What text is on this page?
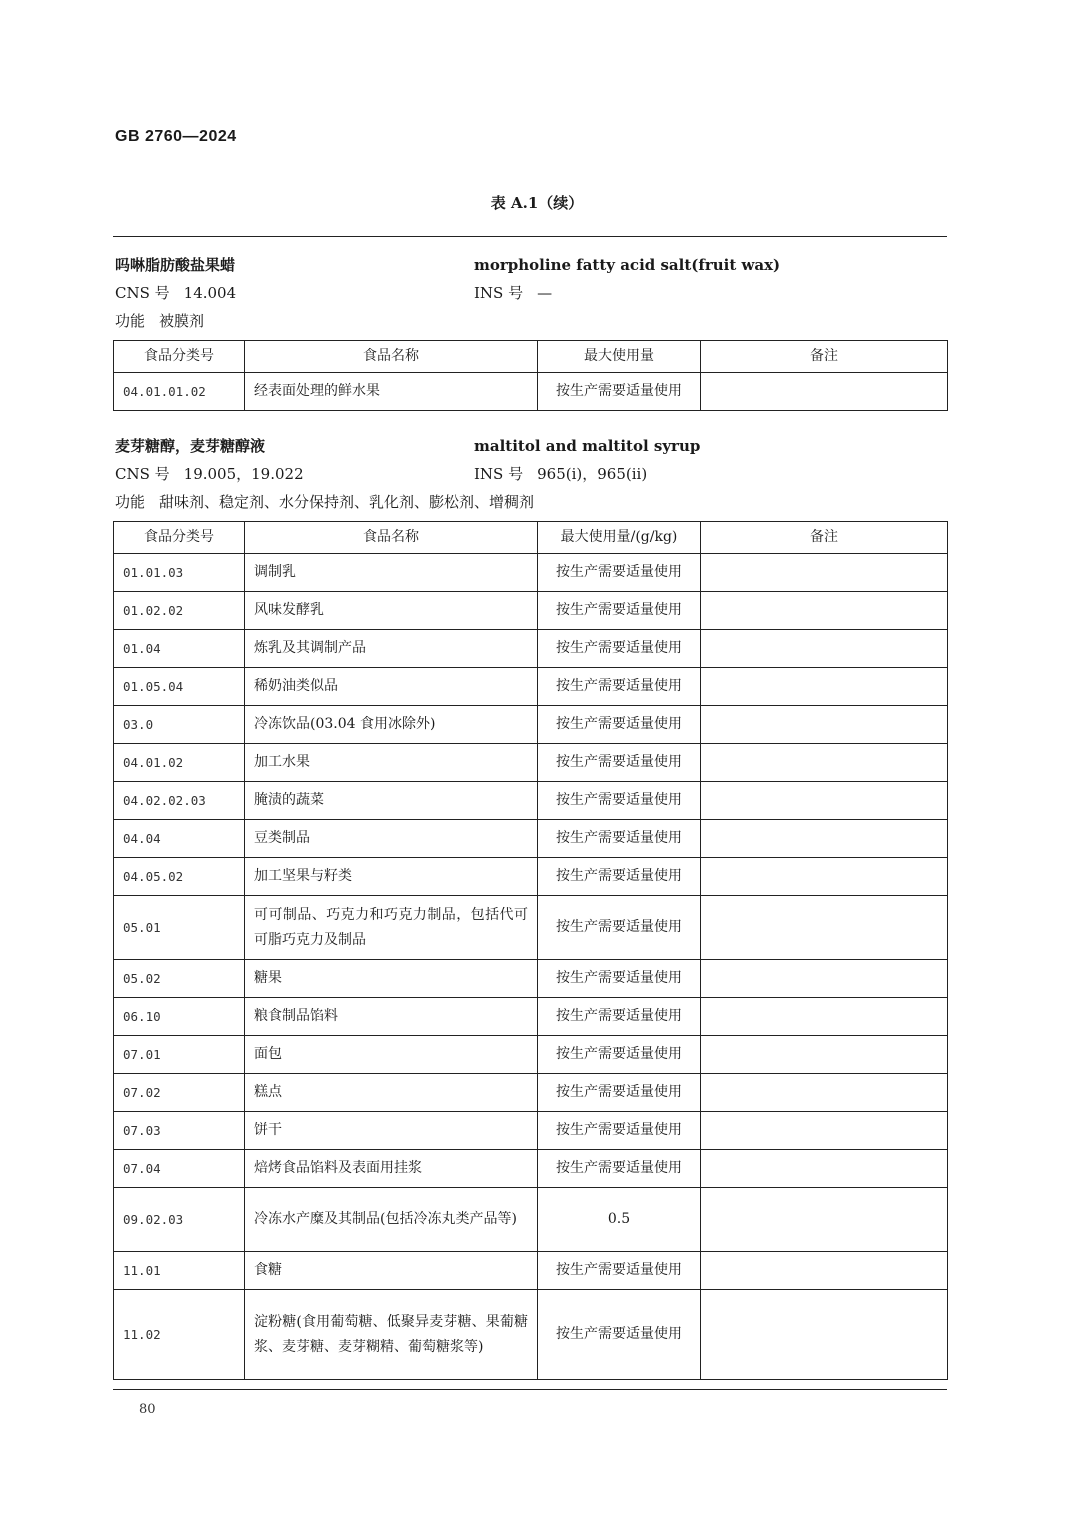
GB 2760—2024
表 A.1（续）
吗啉脂肪酸盐果蜡	morpholine fatty acid salt(fruit wax)
CNS 号 14.004	INS 号 —
功能 被膜剂
食品分类号	食品名称	最大使用量	备注
04.01.01.02	经表面处理的鲜水果	按生产需要适量使用	
麦芽糖醇，麦芽糖醇液	maltitol and maltitol syrup
CNS 号 19.005，19.022	INS 号 965(i)，965(ii)
功能 甜味剂、稳定剂、水分保持剂、乳化剂、膨松剂、增稠剂
食品分类号	食品名称	最大使用量/(g/kg)	备注
01.01.03	调制乳	按生产需要适量使用	
01.02.02	风味发酵乳	按生产需要适量使用	
01.04	炼乳及其调制产品	按生产需要适量使用	
01.05.04	稀奶油类似品	按生产需要适量使用	
03.0	冷冻饮品(03.04 食用冰除外)	按生产需要适量使用	
04.01.02	加工水果	按生产需要适量使用	
04.02.02.03	腌渍的蔬菜	按生产需要适量使用	
04.04	豆类制品	按生产需要适量使用	
04.05.02	加工坚果与籽类	按生产需要适量使用	
05.01	可可制品、巧克力和巧克力制品，包括代可可脂巧克力及制品	按生产需要适量使用	
05.02	糖果	按生产需要适量使用	
06.10	粮食制品馅料	按生产需要适量使用	
07.01	面包	按生产需要适量使用	
07.02	糕点	按生产需要适量使用	
07.03	饼干	按生产需要适量使用	
07.04	焙烤食品馅料及表面用挂浆	按生产需要适量使用	
09.02.03	冷冻水产糜及其制品(包括冷冻丸类产品等)	0.5	
11.01	食糖	按生产需要适量使用	
11.02	淀粉糖(食用葡萄糖、低聚异麦芽糖、果葡糖浆、麦芽糖、麦芽糊精、葡萄糖浆等)	按生产需要适量使用	
80
